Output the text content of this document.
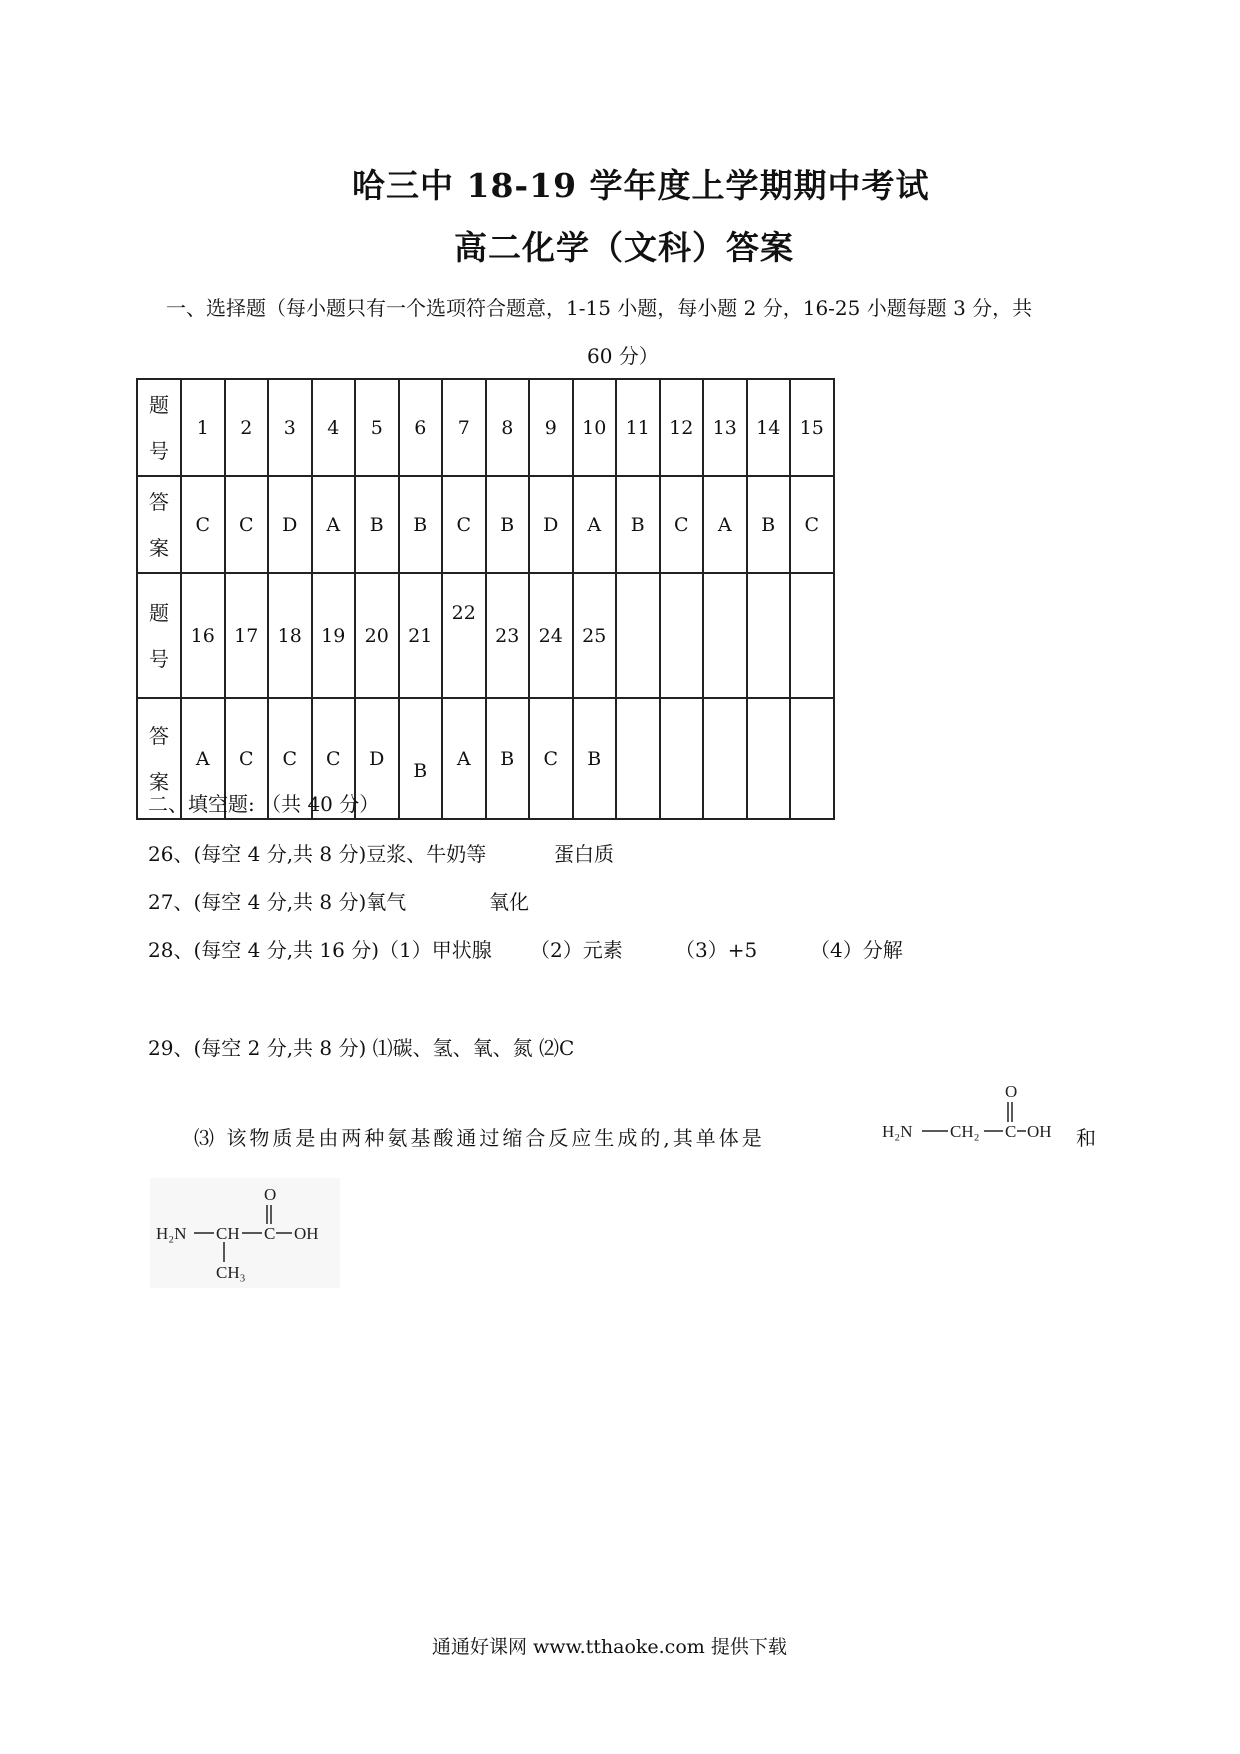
哈三中 18-19 学年度上学期期中考试
高二化学（文科）答案
一、选择题（每小题只有一个选项符合题意，1-15 小题，每小题 2 分，16-25 小题每题 3 分，共
60 分）
题
号	1	2	3	4	5	6	7	8	9	10	11	12	13	14	15

答
案	C	C	D	A	B	B	C	B	D	A	B	C	A	B	C

题
号	16	17	18	19	20	21	22	23	24	25					

答
案	A	C	C	C	D	B	A	B	C	B					
二、填空题: （共 40 分）
26、(每空 4 分,共 8 分)豆浆、牛奶等	蛋白质
27、(每空 4 分,共 8 分)氧气	氧化
28、(每空 4 分,共 16 分)（1）甲状腺 （2）元素	（3）+5	（4）分解
29、(每空 2 分,共 8 分) ⑴碳、氢、氧、氮 ⑵C
⑶ 该物质是由两种氨基酸通过缩合反应生成的,其单体是
O
H₂N CH₂ C OH 和
O
H₂N CH C OH
CH₃
通通好课网 www.tthaoke.com 提供下载
